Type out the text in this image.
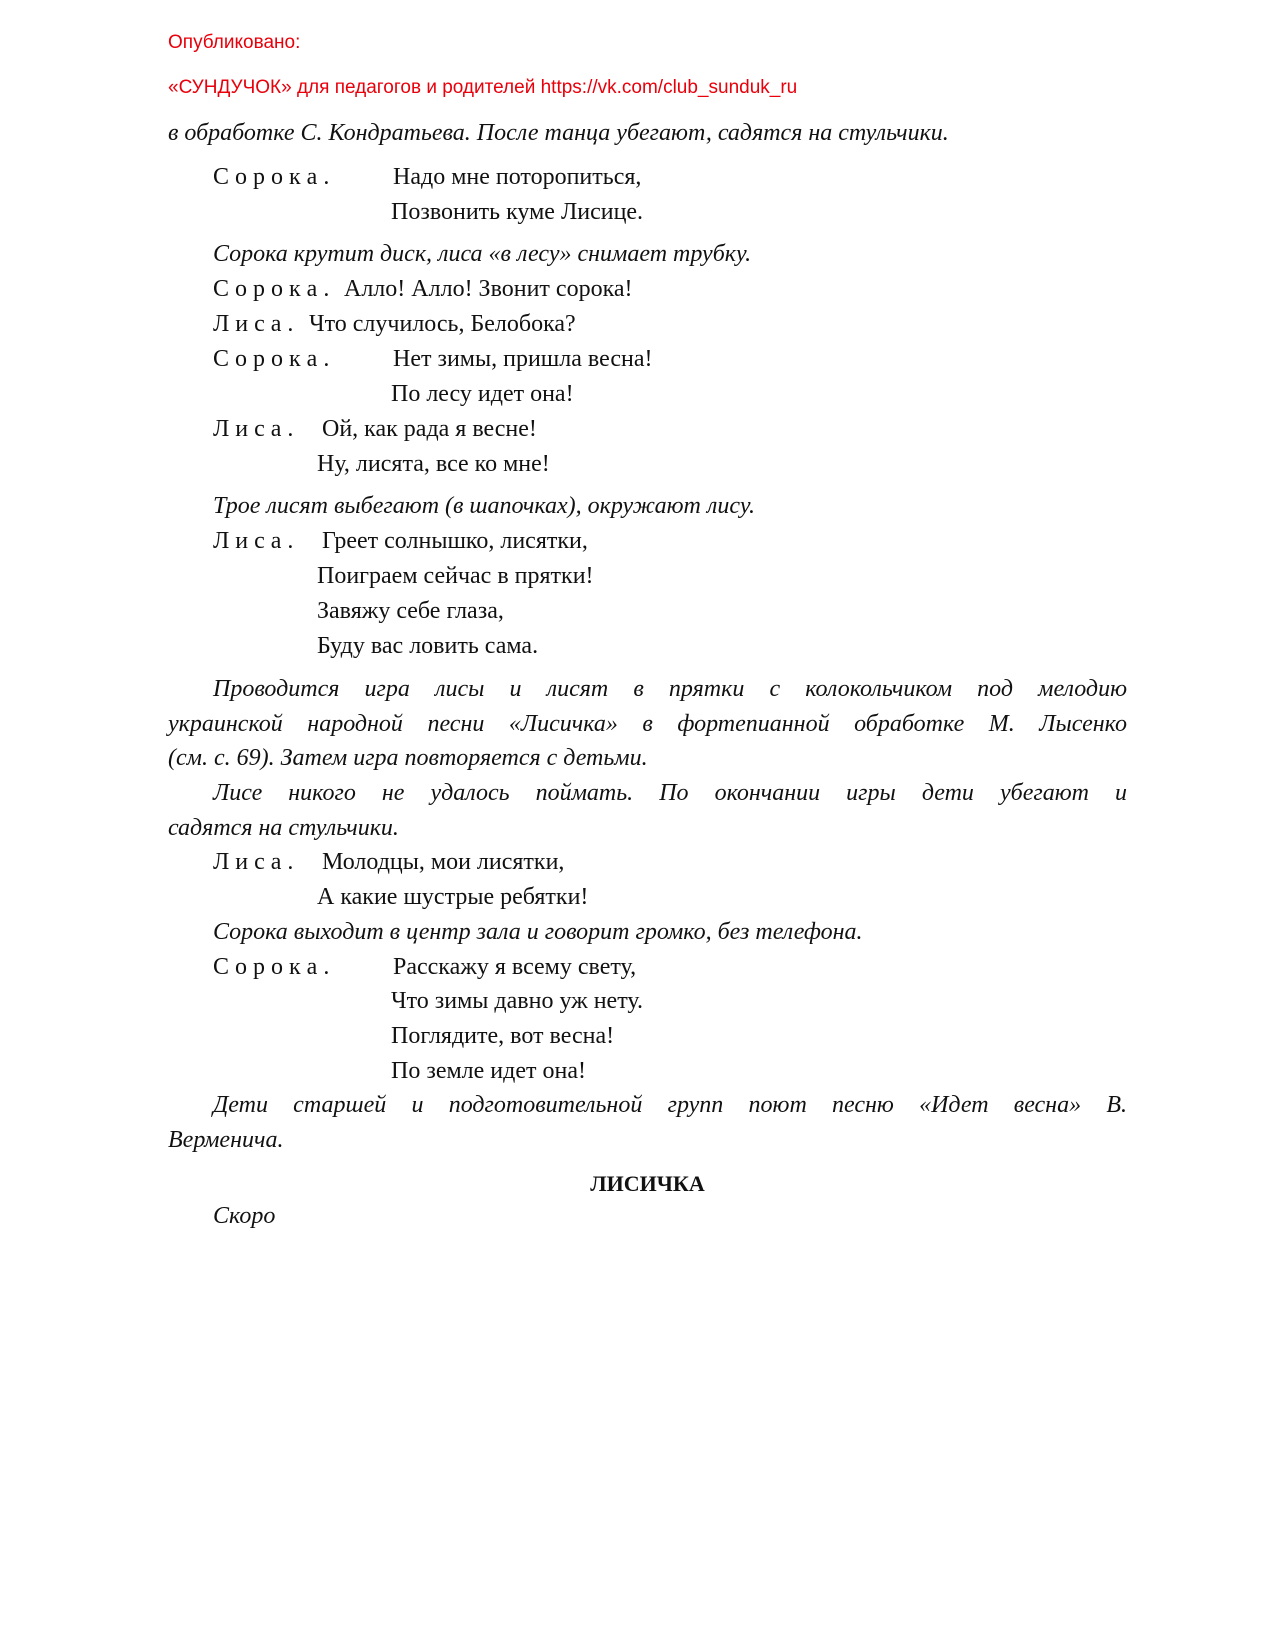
Опубликовано:
«СУНДУЧОК» для педагогов и родителей https://vk.com/club_sunduk_ru
в обработке С. Кондратьева. После танца убегают, садятся на стульчики.
С о р о к а .	Надо мне поторопиться,
Позвонить куме Лисице.
Сорока крутит диск, лиса «в лесу» снимает трубку.
С о р о к а . Алло! Алло! Звонит сорока!
Л и с а . Что случилось, Белобока?
С о р о к а .	Нет зимы, пришла весна!
По лесу идет она!
Л и с а . Ой, как рада я весне!
Ну, лисята, все ко мне!
Трое лисят выбегают (в шапочках), окружают лису.
Л и с а . Греет солнышко, лисятки,
Поиграем сейчас в прятки!
Завяжу себе глаза,
Буду вас ловить сама.
Проводится игра лисы и лисят в прятки с колокольчиком под мелодию
украинской народной песни «Лисичка» в фортепианной обработке М. Лысенко
(см. с. 69). Затем игра повторяется с детьми.
Лисе никого не удалось поймать. По окончании игры дети убегают и
садятся на стульчики.
Л и с а . Молодцы, мои лисятки,
А какие шустрые ребятки!
Сорока выходит в центр зала и говорит громко, без телефона.
С о р о к а .	Расскажу я всему свету,
Что зимы давно уж нету.
Поглядите, вот весна!
По земле идет она!
Дети старшей и подготовительной групп поют песню «Идет весна» В.
Верменича.
ЛИСИЧКА
Скоро
